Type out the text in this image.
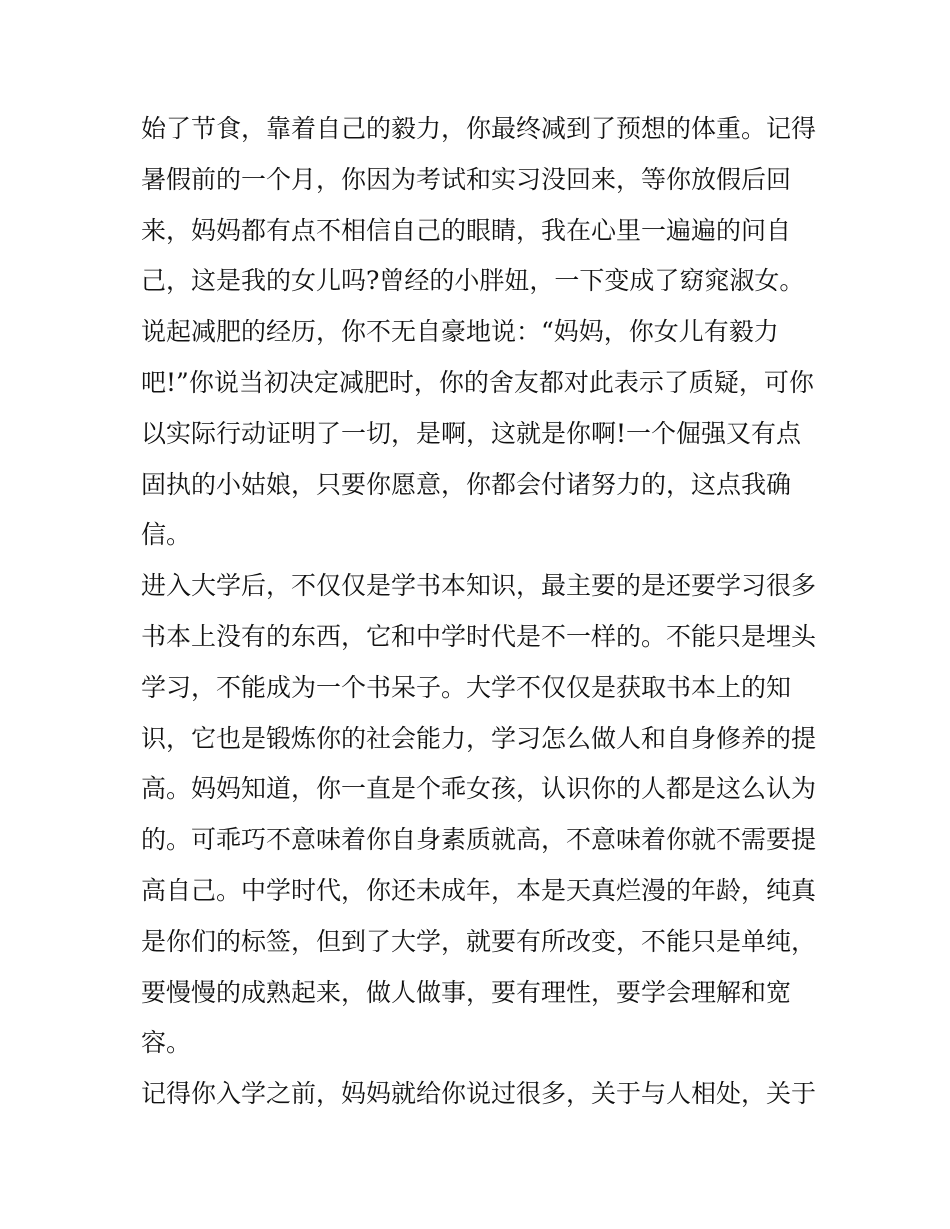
始了节食，靠着自己的毅力，你最终减到了预想的体重。记得
暑假前的一个月，你因为考试和实习没回来，等你放假后回
来，妈妈都有点不相信自己的眼睛，我在心里一遍遍的问自
己，这是我的女儿吗?曾经的小胖妞，一下变成了窈窕淑女。
说起减肥的经历，你不无自豪地说：“妈妈，你女儿有毅力
吧!”你说当初决定减肥时，你的舍友都对此表示了质疑，可你
以实际行动证明了一切，是啊，这就是你啊!一个倔强又有点
固执的小姑娘，只要你愿意，你都会付诸努力的，这点我确
信。
进入大学后，不仅仅是学书本知识，最主要的是还要学习很多
书本上没有的东西，它和中学时代是不一样的。不能只是埋头
学习，不能成为一个书呆子。大学不仅仅是获取书本上的知
识，它也是锻炼你的社会能力，学习怎么做人和自身修养的提
高。妈妈知道，你一直是个乖女孩，认识你的人都是这么认为
的。可乖巧不意味着你自身素质就高，不意味着你就不需要提
高自己。中学时代，你还未成年，本是天真烂漫的年龄，纯真
是你们的标签，但到了大学，就要有所改变，不能只是单纯，
要慢慢的成熟起来，做人做事，要有理性，要学会理解和宽
容。
记得你入学之前，妈妈就给你说过很多，关于与人相处，关于
